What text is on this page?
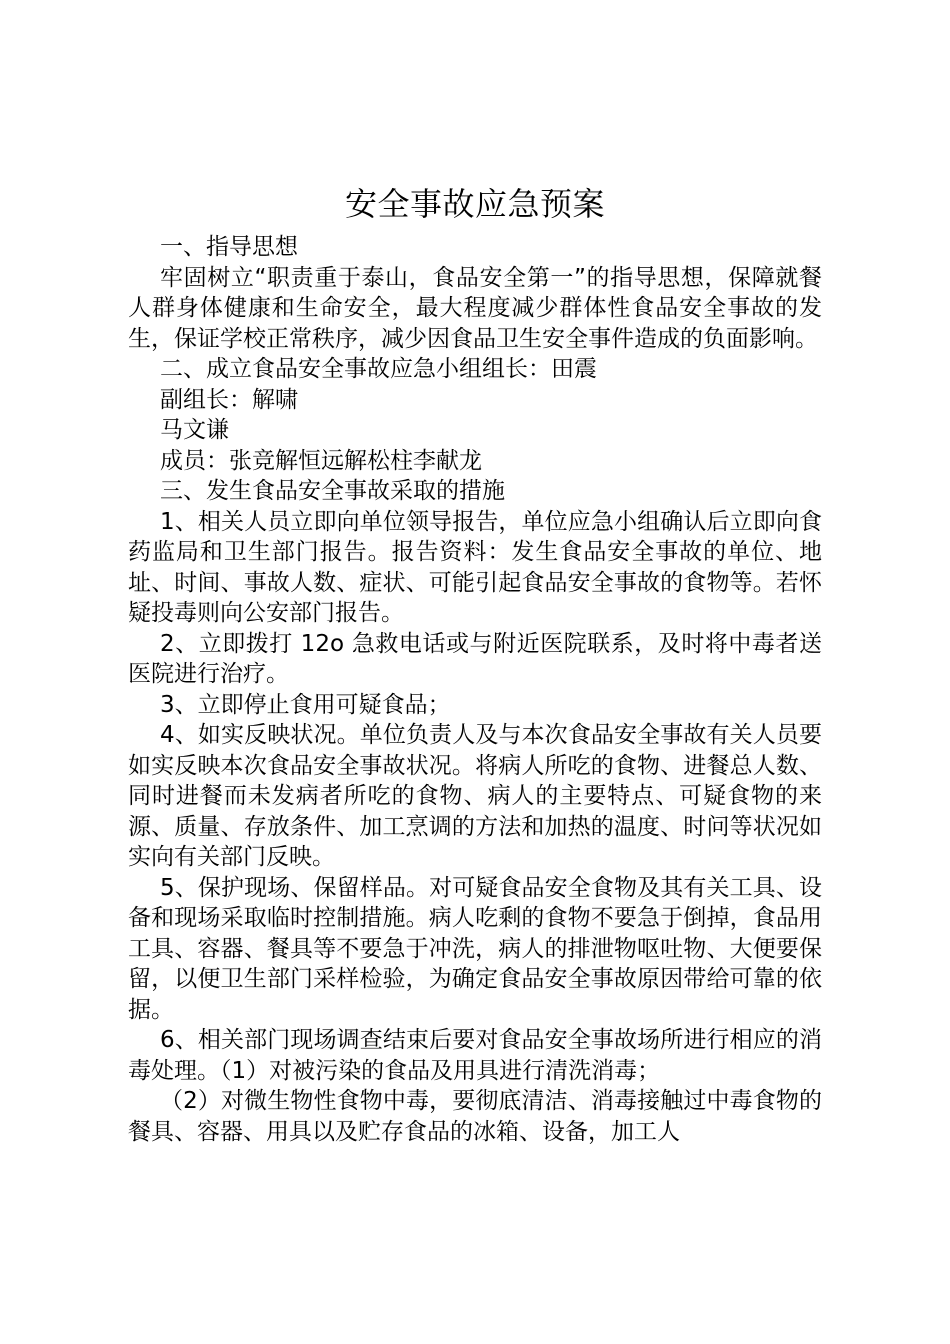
安全事故应急预案

一、指导思想

牢固树立“职责重于泰山，食品安全第一”的指导思想，保障就餐人群身体健康和生命安全，最大程度减少群体性食品安全事故的发生，保证学校正常秩序，减少因食品卫生安全事件造成的负面影响。

二、成立食品安全事故应急小组组长：田震

副组长：解啸

马文谦

成员：张竞解恒远解松柱李献龙

三、发生食品安全事故采取的措施

1、相关人员立即向单位领导报告，单位应急小组确认后立即向食药监局和卫生部门报告。报告资料：发生食品安全事故的单位、地址、时间、事故人数、症状、可能引起食品安全事故的食物等。若怀疑投毒则向公安部门报告。

2、立即拨打 12o 急救电话或与附近医院联系，及时将中毒者送医院进行治疗。

3、立即停止食用可疑食品；

4、如实反映状况。单位负责人及与本次食品安全事故有关人员要如实反映本次食品安全事故状况。将病人所吃的食物、进餐总人数、同时进餐而未发病者所吃的食物、病人的主要特点、可疑食物的来源、质量、存放条件、加工烹调的方法和加热的温度、时问等状况如实向有关部门反映。

5、保护现场、保留样品。对可疑食品安全食物及其有关工具、设备和现场采取临时控制措施。病人吃剩的食物不要急于倒掉，食品用工具、容器、餐具等不要急于冲洗，病人的排泄物呕吐物、大便要保留，以便卫生部门采样检验，为确定食品安全事故原因带给可靠的依据。

6、相关部门现场调查结束后要对食品安全事故场所进行相应的消毒处理。（1）对被污染的食品及用具进行清洗消毒；

（2）对微生物性食物中毒，要彻底清洁、消毒接触过中毒食物的餐具、容器、用具以及贮存食品的冰箱、设备，加工人
